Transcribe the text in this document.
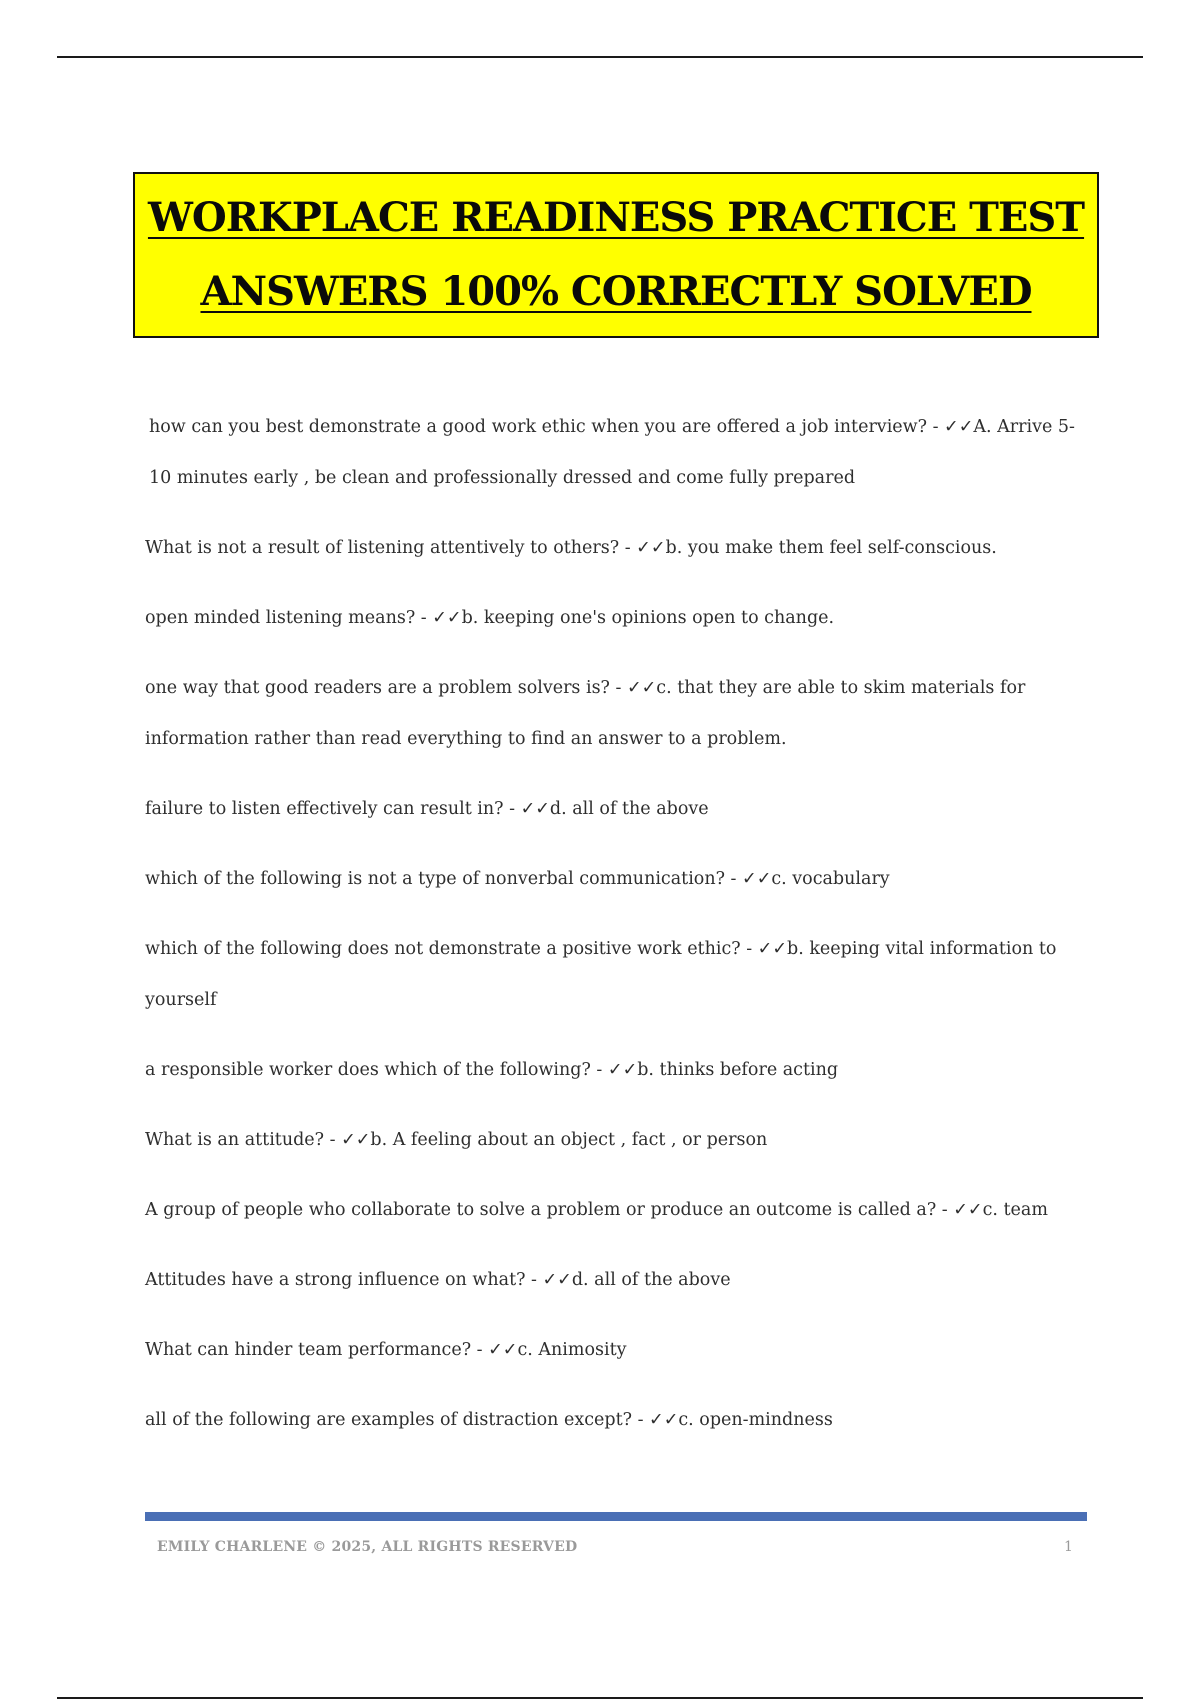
WORKPLACE READINESS PRACTICE TEST
ANSWERS 100% CORRECTLY SOLVED
how can you best demonstrate a good work ethic when you are offered a job interview? - ✓✓A. Arrive 5-10 minutes early , be clean and professionally dressed and come fully prepared
What is not a result of listening attentively to others? - ✓✓b. you make them feel self-conscious.
open minded listening means? - ✓✓b. keeping one's opinions open to change.
one way that good readers are a problem solvers is? - ✓✓c. that they are able to skim materials for information rather than read everything to find an answer to a problem.
failure to listen effectively can result in? - ✓✓d. all of the above
which of the following is not a type of nonverbal communication? - ✓✓c. vocabulary
which of the following does not demonstrate a positive work ethic? - ✓✓b. keeping vital information to yourself
a responsible worker does which of the following? - ✓✓b. thinks before acting
What is an attitude? - ✓✓b. A feeling about an object , fact , or person
A group of people who collaborate to solve a problem or produce an outcome is called a? - ✓✓c. team
Attitudes have a strong influence on what? - ✓✓d. all of the above
What can hinder team performance? - ✓✓c. Animosity
all of the following are examples of distraction except? - ✓✓c. open-mindness
EMILY CHARLENE © 2025, ALL RIGHTS RESERVED	1
